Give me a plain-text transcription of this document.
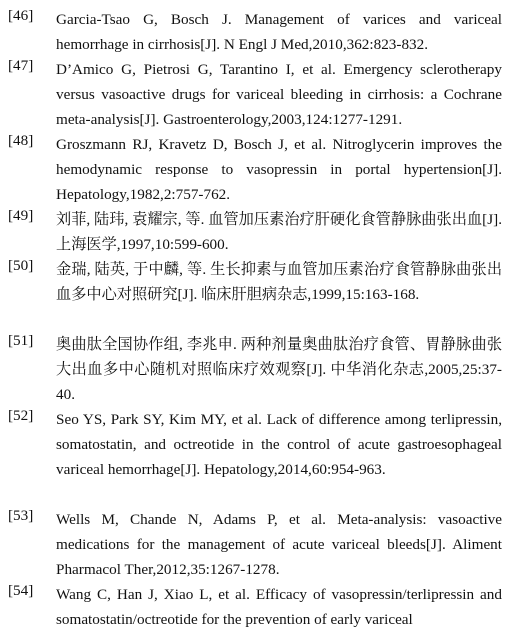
[46] Garcia-Tsao G, Bosch J. Management of varices and variceal hemorrhage in cirrhosis[J]. N Engl J Med,2010,362:823-832.
[47] D’Amico G, Pietrosi G, Tarantino I, et al. Emergency sclerotherapy versus vasoactive drugs for variceal bleeding in cirrhosis: a Cochrane meta-analysis[J]. Gastroenterology,2003,124:1277-1291.
[48] Groszmann RJ, Kravetz D, Bosch J, et al. Nitroglycerin improves the hemodynamic response to vasopressin in portal hypertension[J]. Hepatology,1982,2:757-762.
[49] 刘菲, 陆玮, 袁耀宗, 等. 血管加压素治疗肝硬化食管静脉曲张出血[J]. 上海医学,1997,10:599-600.
[50] 金瑞, 陆英, 于中麟, 等. 生长抑素与血管加压素治疗食管静脉曲张出血多中心对照研究[J]. 临床肝胆病杂志,1999,15:163-168.
[51] 奥曲肽全国协作组, 李兆申. 两种剂量奥曲肽治疗食管、胃静脉曲张大出血多中心随机对照临床疗效观察[J]. 中华消化杂志,2005,25:37-40.
[52] Seo YS, Park SY, Kim MY, et al. Lack of difference among terlipressin, somatostatin, and octreotide in the control of acute gastroesophageal variceal hemorrhage[J]. Hepatology,2014,60:954-963.
[53] Wells M, Chande N, Adams P, et al. Meta-analysis: vasoactive medications for the management of acute variceal bleeds[J]. Aliment Pharmacol Ther,2012,35:1267-1278.
[54] Wang C, Han J, Xiao L, et al. Efficacy of vasopressin/terlipressin and somatostatin/octreotide for the prevention of early variceal
